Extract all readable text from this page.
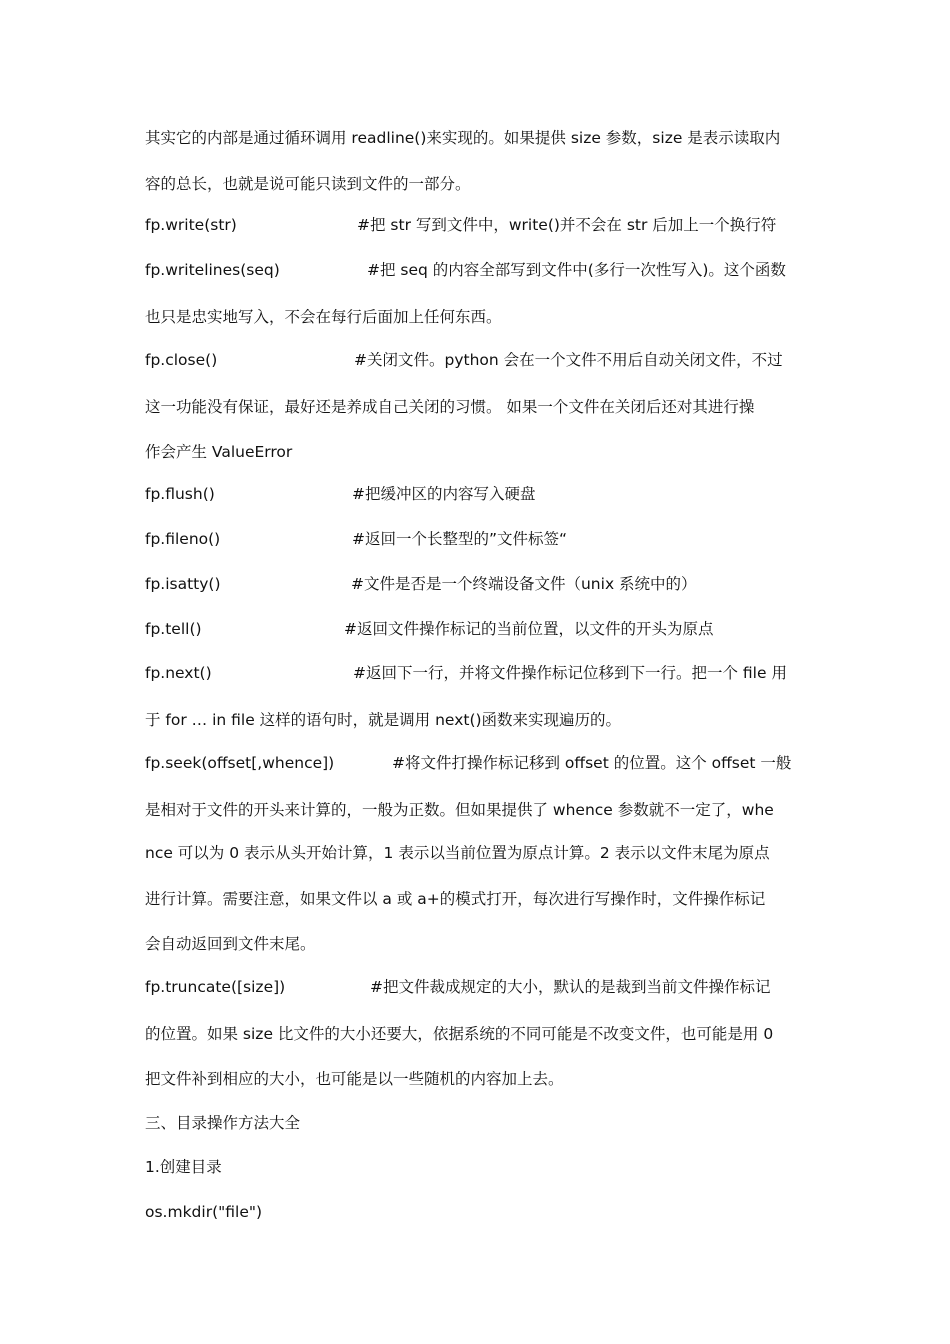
其实它的内部是通过循环调用 readline()来实现的。如果提供 size 参数，size 是表示读取内
容的总长，也就是说可能只读到文件的一部分。
fp.write(str)	#把 str 写到文件中，write()并不会在 str 后加上一个换行符
fp.writelines(seq)	#把 seq 的内容全部写到文件中(多行一次性写入)。这个函数
也只是忠实地写入，不会在每行后面加上任何东西。
fp.close()	#关闭文件。python 会在一个文件不用后自动关闭文件，不过
这一功能没有保证，最好还是养成自己关闭的习惯。 如果一个文件在关闭后还对其进行操
作会产生 ValueError
fp.flush()	#把缓冲区的内容写入硬盘
fp.fileno()	#返回一个长整型的”文件标签“
fp.isatty()	#文件是否是一个终端设备文件（unix 系统中的）
fp.tell()	#返回文件操作标记的当前位置，以文件的开头为原点
fp.next()	#返回下一行，并将文件操作标记位移到下一行。把一个 file 用
于 for … in file 这样的语句时，就是调用 next()函数来实现遍历的。
fp.seek(offset[,whence])	#将文件打操作标记移到 offset 的位置。这个 offset 一般
是相对于文件的开头来计算的，一般为正数。但如果提供了 whence 参数就不一定了，whe
nce 可以为 0 表示从头开始计算，1 表示以当前位置为原点计算。2 表示以文件末尾为原点
进行计算。需要注意，如果文件以 a 或 a+的模式打开，每次进行写操作时，文件操作标记
会自动返回到文件末尾。
fp.truncate([size])	#把文件裁成规定的大小，默认的是裁到当前文件操作标记
的位置。如果 size 比文件的大小还要大，依据系统的不同可能是不改变文件，也可能是用 0
把文件补到相应的大小，也可能是以一些随机的内容加上去。
三、目录操作方法大全
1.创建目录
os.mkdir("file")
